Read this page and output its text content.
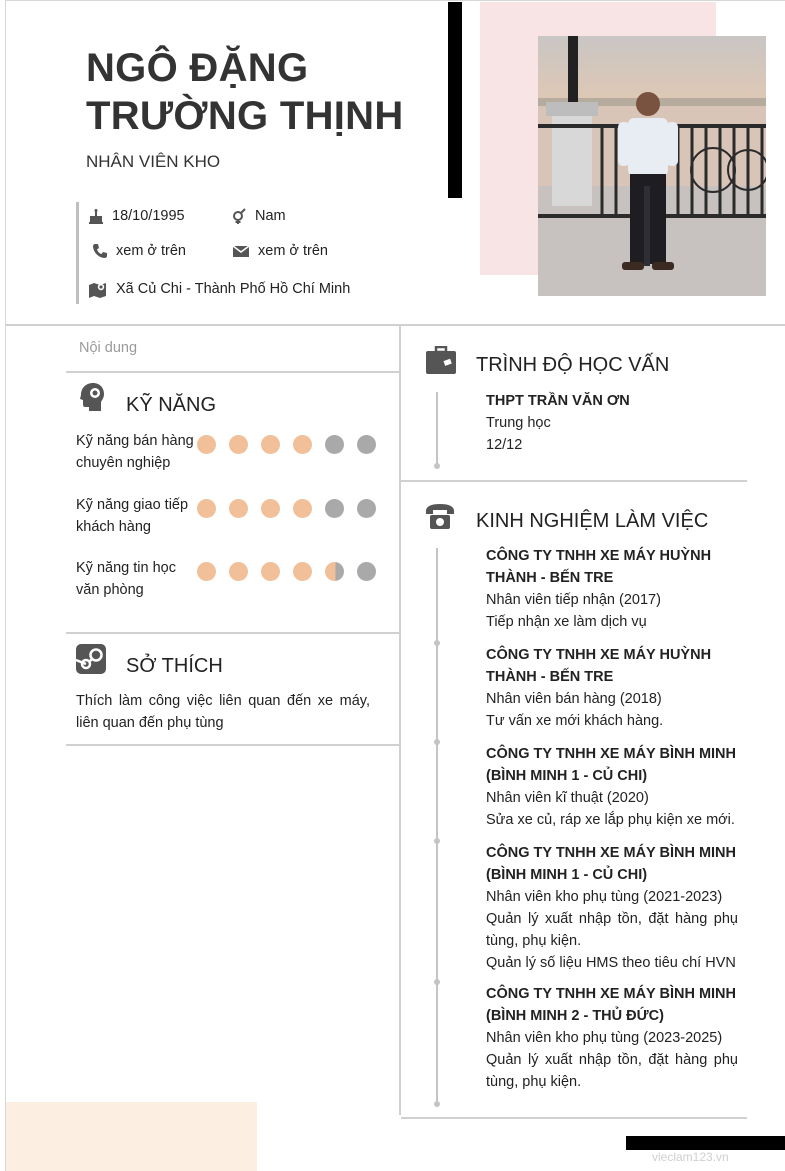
NGÔ ĐẶNG
TRƯỜNG THỊNH
NHÂN VIÊN KHO
18/10/1995	Nam
xem ở trên	xem ở trên
Xã Củ Chi - Thành Phố Hồ Chí Minh
Nội dung
KỸ NĂNG
Kỹ năng bán hàng chuyên nghiệp
Kỹ năng giao tiếp khách hàng
Kỹ năng tin học văn phòng
SỞ THÍCH
Thích làm công việc liên quan đến xe máy, liên quan đến phụ tùng
TRÌNH ĐỘ HỌC VẤN
THPT TRẦN VĂN ƠN
Trung học
12/12
KINH NGHIỆM LÀM VIỆC
CÔNG TY TNHH XE MÁY HUỲNH THÀNH - BẾN TRE
Nhân viên tiếp nhận (2017)
Tiếp nhận xe làm dịch vụ
CÔNG TY TNHH XE MÁY HUỲNH THÀNH - BẾN TRE
Nhân viên bán hàng (2018)
Tư vấn xe mới khách hàng.
CÔNG TY TNHH XE MÁY BÌNH MINH (BÌNH MINH 1 - CỦ CHI)
Nhân viên kĩ thuật (2020)
Sửa xe củ, ráp xe lắp phụ kiện xe mới.
CÔNG TY TNHH XE MÁY BÌNH MINH (BÌNH MINH 1 - CỦ CHI)
Nhân viên kho phụ tùng (2021-2023)
Quản lý xuất nhập tồn, đặt hàng phụ tùng, phụ kiện.
Quản lý số liệu HMS theo tiêu chí HVN
CÔNG TY TNHH XE MÁY BÌNH MINH (BÌNH MINH 2 - THỦ ĐỨC)
Nhân viên kho phụ tùng (2023-2025)
Quản lý xuất nhập tồn, đặt hàng phụ tùng, phụ kiện.
vieclam123.vn
